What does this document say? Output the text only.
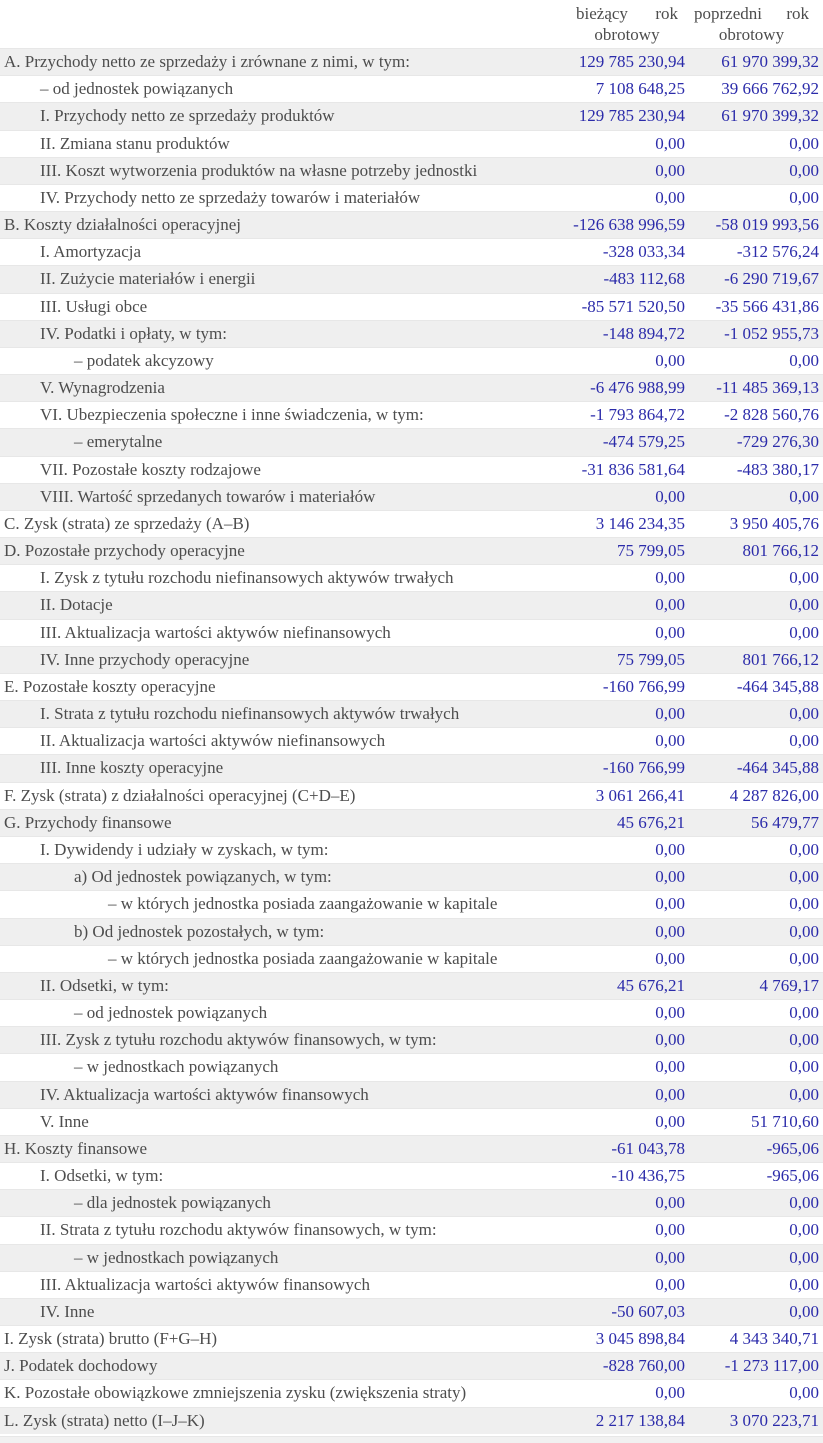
bieżący rok
obrotowy
poprzedni rok
obrotowy
A. Przychody netto ze sprzedaży i zrównane z nimi, w tym:	129 785 230,94	61 970 399,32
– od jednostek powiązanych	7 108 648,25	39 666 762,92
I. Przychody netto ze sprzedaży produktów	129 785 230,94	61 970 399,32
II. Zmiana stanu produktów	0,00	0,00
III. Koszt wytworzenia produktów na własne potrzeby jednostki	0,00	0,00
IV. Przychody netto ze sprzedaży towarów i materiałów	0,00	0,00
B. Koszty działalności operacyjnej	-126 638 996,59	-58 019 993,56
I. Amortyzacja	-328 033,34	-312 576,24
II. Zużycie materiałów i energii	-483 112,68	-6 290 719,67
III. Usługi obce	-85 571 520,50	-35 566 431,86
IV. Podatki i opłaty, w tym:	-148 894,72	-1 052 955,73
– podatek akcyzowy	0,00	0,00
V. Wynagrodzenia	-6 476 988,99	-11 485 369,13
VI. Ubezpieczenia społeczne i inne świadczenia, w tym:	-1 793 864,72	-2 828 560,76
– emerytalne	-474 579,25	-729 276,30
VII. Pozostałe koszty rodzajowe	-31 836 581,64	-483 380,17
VIII. Wartość sprzedanych towarów i materiałów	0,00	0,00
C. Zysk (strata) ze sprzedaży (A–B)	3 146 234,35	3 950 405,76
D. Pozostałe przychody operacyjne	75 799,05	801 766,12
I. Zysk z tytułu rozchodu niefinansowych aktywów trwałych	0,00	0,00
II. Dotacje	0,00	0,00
III. Aktualizacja wartości aktywów niefinansowych	0,00	0,00
IV. Inne przychody operacyjne	75 799,05	801 766,12
E. Pozostałe koszty operacyjne	-160 766,99	-464 345,88
I. Strata z tytułu rozchodu niefinansowych aktywów trwałych	0,00	0,00
II. Aktualizacja wartości aktywów niefinansowych	0,00	0,00
III. Inne koszty operacyjne	-160 766,99	-464 345,88
F. Zysk (strata) z działalności operacyjnej (C+D–E)	3 061 266,41	4 287 826,00
G. Przychody finansowe	45 676,21	56 479,77
I. Dywidendy i udziały w zyskach, w tym:	0,00	0,00
a) Od jednostek powiązanych, w tym:	0,00	0,00
– w których jednostka posiada zaangażowanie w kapitale	0,00	0,00
b) Od jednostek pozostałych, w tym:	0,00	0,00
– w których jednostka posiada zaangażowanie w kapitale	0,00	0,00
II. Odsetki, w tym:	45 676,21	4 769,17
– od jednostek powiązanych	0,00	0,00
III. Zysk z tytułu rozchodu aktywów finansowych, w tym:	0,00	0,00
– w jednostkach powiązanych	0,00	0,00
IV. Aktualizacja wartości aktywów finansowych	0,00	0,00
V. Inne	0,00	51 710,60
H. Koszty finansowe	-61 043,78	-965,06
I. Odsetki, w tym:	-10 436,75	-965,06
– dla jednostek powiązanych	0,00	0,00
II. Strata z tytułu rozchodu aktywów finansowych, w tym:	0,00	0,00
– w jednostkach powiązanych	0,00	0,00
III. Aktualizacja wartości aktywów finansowych	0,00	0,00
IV. Inne	-50 607,03	0,00
I. Zysk (strata) brutto (F+G–H)	3 045 898,84	4 343 340,71
J. Podatek dochodowy	-828 760,00	-1 273 117,00
K. Pozostałe obowiązkowe zmniejszenia zysku (zwiększenia straty)	0,00	0,00
L. Zysk (strata) netto (I–J–K)	2 217 138,84	3 070 223,71
